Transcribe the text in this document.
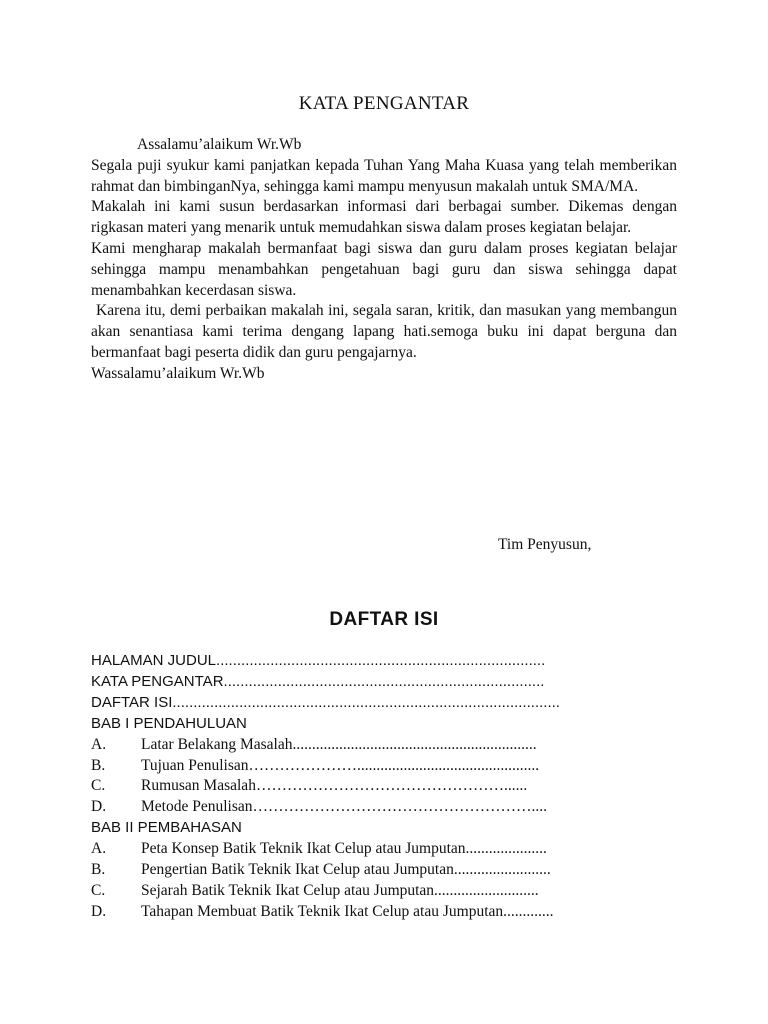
KATA PENGANTAR

Assalamu’alaikum Wr.Wb

Segala puji syukur kami panjatkan kepada Tuhan Yang Maha Kuasa yang telah memberikan rahmat dan bimbinganNya, sehingga kami mampu menyusun makalah untuk SMA/MA.

Makalah ini kami susun berdasarkan informasi dari berbagai sumber. Dikemas dengan rigkasan materi yang menarik untuk memudahkan siswa dalam proses kegiatan belajar.

Kami mengharap makalah bermanfaat bagi siswa dan guru dalam proses kegiatan belajar sehingga mampu menambahkan pengetahuan bagi guru dan siswa sehingga dapat menambahkan kecerdasan siswa.

Karena itu, demi perbaikan makalah ini, segala saran, kritik, dan masukan yang membangun akan senantiasa kami terima dengang lapang hati.semoga buku ini dapat berguna dan bermanfaat bagi peserta didik dan guru pengajarnya.

Wassalamu’alaikum Wr.Wb

Tim Penyusun,

DAFTAR ISI
HALAMAN JUDUL...............................................................................
KATA PENGANTAR.............................................................................
DAFTAR ISI.............................................................................................
BAB I PENDAHULUAN
A.	Latar Belakang Masalah...............................................................
B.	Tujuan Penulisan…………………...............................................
C.	Rumusan Masalah…………………………………………......
D.	Metode Penulisan………………………………………………....
BAB II PEMBAHASAN
A.	Peta Konsep Batik Teknik Ikat Celup atau Jumputan.....................
B.	Pengertian Batik Teknik Ikat Celup atau Jumputan.........................
C.	Sejarah Batik Teknik Ikat Celup atau Jumputan...........................
D.	Tahapan Membuat Batik Teknik Ikat Celup atau Jumputan.............
